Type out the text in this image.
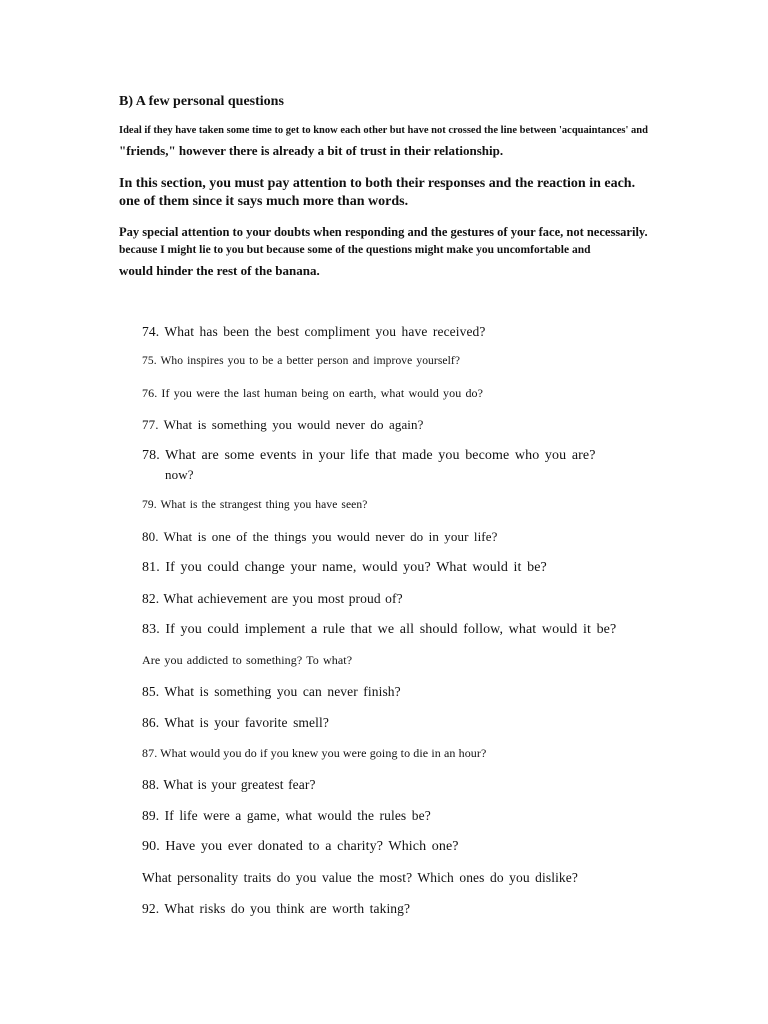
B) A few personal questions
Ideal if they have taken some time to get to know each other but have not crossed the line between 'acquaintances' and
"friends," however there is already a bit of trust in their relationship.
In this section, you must pay attention to both their responses and the reaction in each.
one of them since it says much more than words.
Pay special attention to your doubts when responding and the gestures of your face, not necessarily.
because I might lie to you but because some of the questions might make you uncomfortable and
would hinder the rest of the banana.
74. What has been the best compliment you have received?
75. Who inspires you to be a better person and improve yourself?
76. If you were the last human being on earth, what would you do?
77. What is something you would never do again?
78. What are some events in your life that made you become who you are?
now?
79. What is the strangest thing you have seen?
80. What is one of the things you would never do in your life?
81. If you could change your name, would you? What would it be?
82. What achievement are you most proud of?
83. If you could implement a rule that we all should follow, what would it be?
Are you addicted to something? To what?
85. What is something you can never finish?
86. What is your favorite smell?
87. What would you do if you knew you were going to die in an hour?
88. What is your greatest fear?
89. If life were a game, what would the rules be?
90. Have you ever donated to a charity? Which one?
What personality traits do you value the most? Which ones do you dislike?
92. What risks do you think are worth taking?
